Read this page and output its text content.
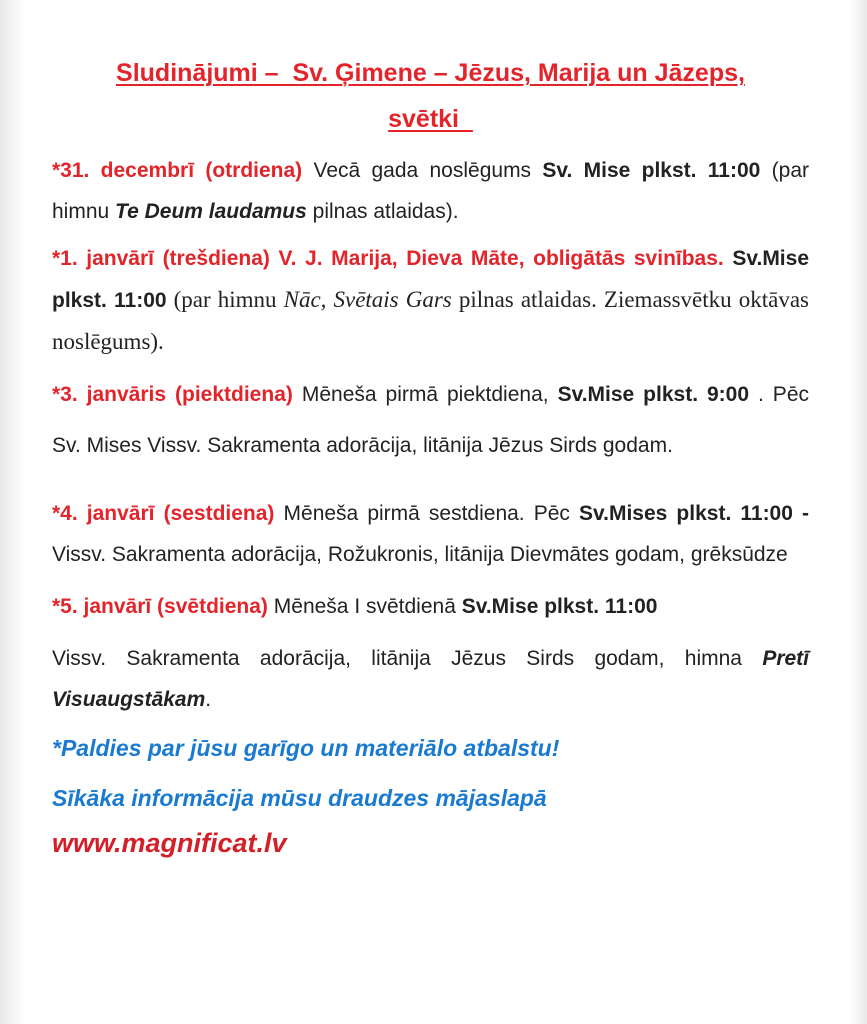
Sludinājumi –  Sv. Ģimene – Jēzus, Marija un Jāzeps,
svētki

*31. decembrī (otrdiena) Vecā gada noslēgums Sv. Mise plkst. 11:00 (par himnu Te Deum laudamus pilnas atlaidas).

*1. janvārī (trešdiena) V. J. Marija, Dieva Māte, obligātās svinības. Sv.Mise plkst. 11:00 (par himnu Nāc, Svētais Gars pilnas atlaidas. Ziemassvētku oktāvas noslēgums).

*3. janvāris (piektdiena) Mēneša pirmā piektdiena, Sv.Mise plkst. 9:00 . Pēc Sv. Mises Vissv. Sakramenta adorācija, litānija Jēzus Sirds godam.

*4. janvārī (sestdiena) Mēneša pirmā sestdiena. Pēc Sv.Mises plkst. 11:00 - Vissv. Sakramenta adorācija, Rožukronis, litānija Dievmātes godam, grēksūdze

*5. janvārī (svētdiena) Mēneša I svētdienā Sv.Mise plkst. 11:00

Vissv. Sakramenta adorācija, litānija Jēzus Sirds godam, himna Pretī Visuaugstākam.

*Paldies par jūsu garīgo un materiālo atbalstu!

Sīkāka informācija mūsu draudzes mājaslapā

www.magnificat.lv
